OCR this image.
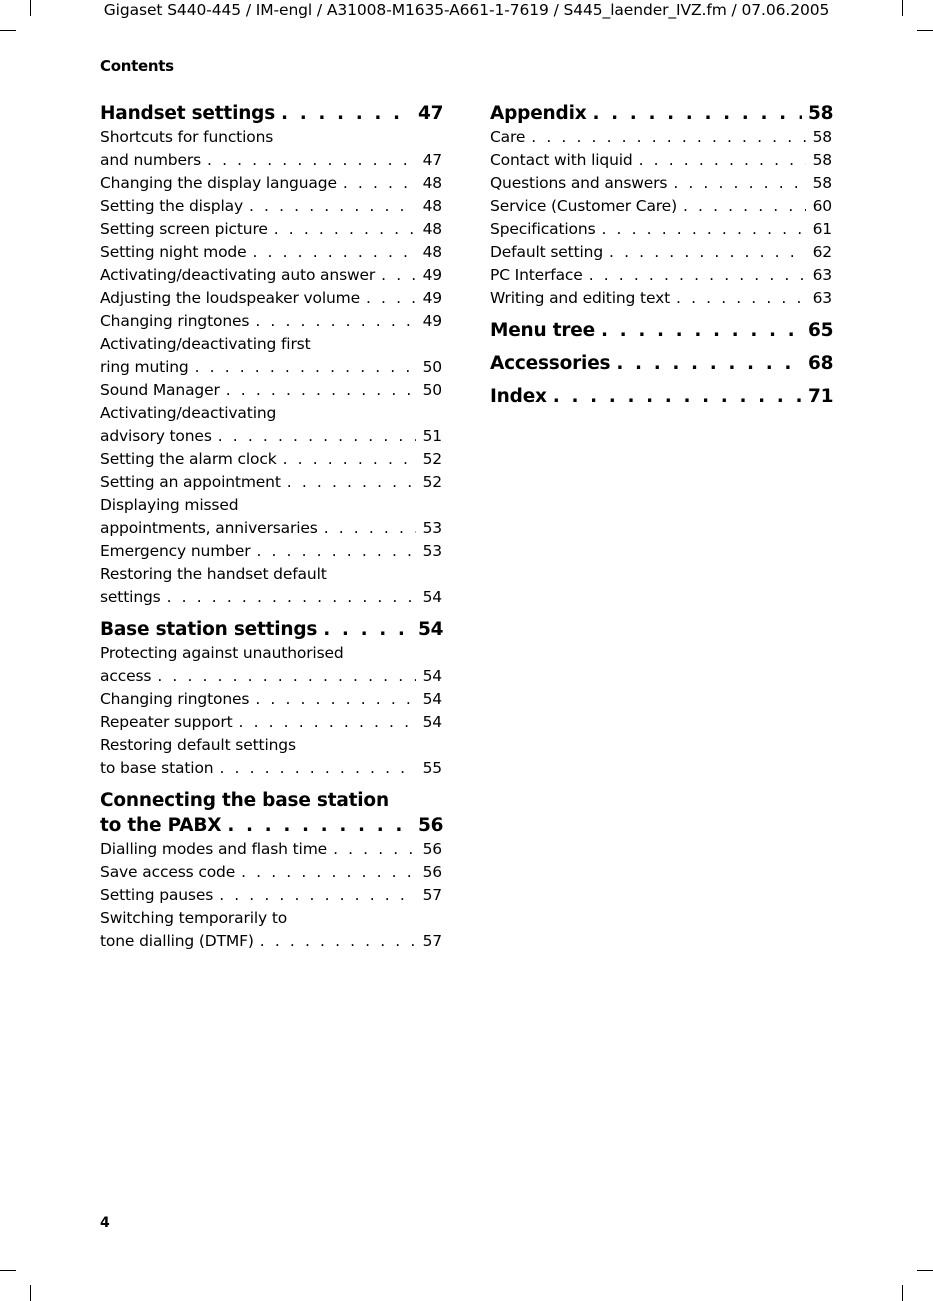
Gigaset S440-445 / IM-engl / A31008-M1635-A661-1-7619 / S445_laender_IVZ.fm / 07.06.2005
Contents
Handset settings . . .	47
Shortcuts for functions
and numbers . . .	47
Changing the display language . . .	48
Setting the display . . .	48
Setting screen picture . . .	48
Setting night mode . . .	48
Activating/deactivating auto answer . . .	49
Adjusting the loudspeaker volume . . .	49
Changing ringtones . . .	49
Activating/deactivating first
ring muting . . .	50
Sound Manager . . .	50
Activating/deactivating
advisory tones . . .	51
Setting the alarm clock . . .	52
Setting an appointment . . .	52
Displaying missed
appointments, anniversaries . . .	53
Emergency number . . .	53
Restoring the handset default
settings . . .	54
Base station settings . . .	54
Protecting against unauthorised
access . . .	54
Changing ringtones . . .	54
Repeater support . . .	54
Restoring default settings
to base station . . .	55
Connecting the base station
to the PABX . . .	56
Dialling modes and flash time . . .	56
Save access code . . .	56
Setting pauses . . .	57
Switching temporarily to
tone dialling (DTMF) . . .	57
Appendix . . .	58
Care . . .	58
Contact with liquid . . .	58
Questions and answers . . .	58
Service (Customer Care) . . .	60
Specifications . . .	61
Default setting . . .	62
PC Interface . . .	63
Writing and editing text . . .	63
Menu tree . . .	65
Accessories . . .	68
Index . . .	71
4
